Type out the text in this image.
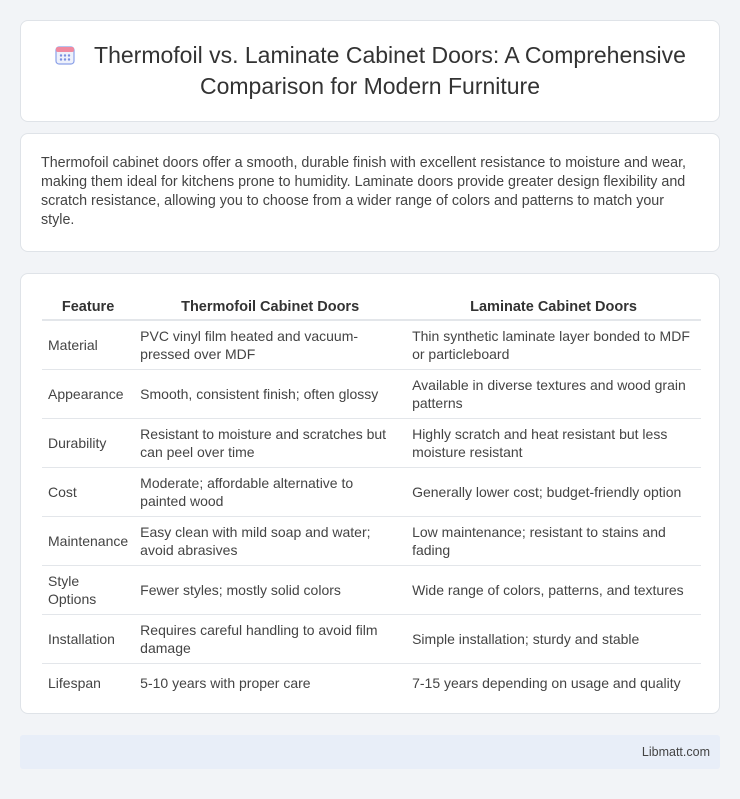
Thermofoil vs. Laminate Cabinet Doors: A Comprehensive Comparison for Modern Furniture

Thermofoil cabinet doors offer a smooth, durable finish with excellent resistance to moisture and wear, making them ideal for kitchens prone to humidity. Laminate doors provide greater design flexibility and scratch resistance, allowing you to choose from a wider range of colors and patterns to match your style.

Feature	Thermofoil Cabinet Doors	Laminate Cabinet Doors
Material	PVC vinyl film heated and vacuum-pressed over MDF	Thin synthetic laminate layer bonded to MDF or particleboard
Appearance	Smooth, consistent finish; often glossy	Available in diverse textures and wood grain patterns
Durability	Resistant to moisture and scratches but can peel over time	Highly scratch and heat resistant but less moisture resistant
Cost	Moderate; affordable alternative to painted wood	Generally lower cost; budget-friendly option
Maintenance	Easy clean with mild soap and water; avoid abrasives	Low maintenance; resistant to stains and fading
Style Options	Fewer styles; mostly solid colors	Wide range of colors, patterns, and textures
Installation	Requires careful handling to avoid film damage	Simple installation; sturdy and stable
Lifespan	5-10 years with proper care	7-15 years depending on usage and quality
Libmatt.com
